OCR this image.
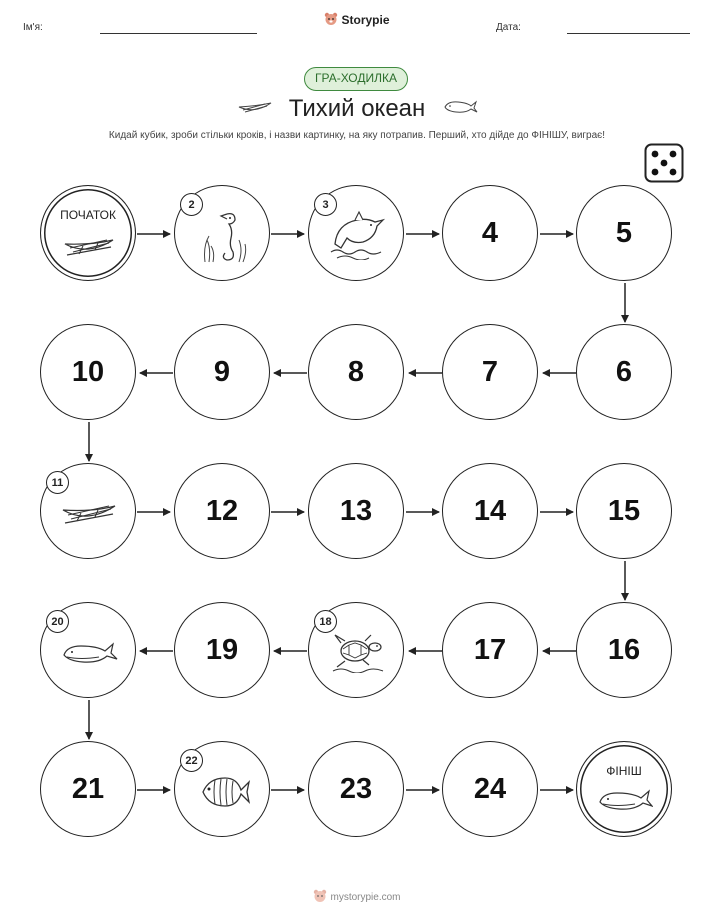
Ім'я:
Storypie
Дата:
ГРА-ХОДИЛКА
Тихий океан
Кидай кубик, зроби стільки кроків, і назви картинку, на яку потрапив. Перший, хто дійде до ФІНІШУ, виграє!
ПОЧАТОК
2	3
4	5
10	9	8	7	6
11
12	13	14	15
20
19
18
17	16
21
22
23	24
ФІНІШ
mystorypie.com
